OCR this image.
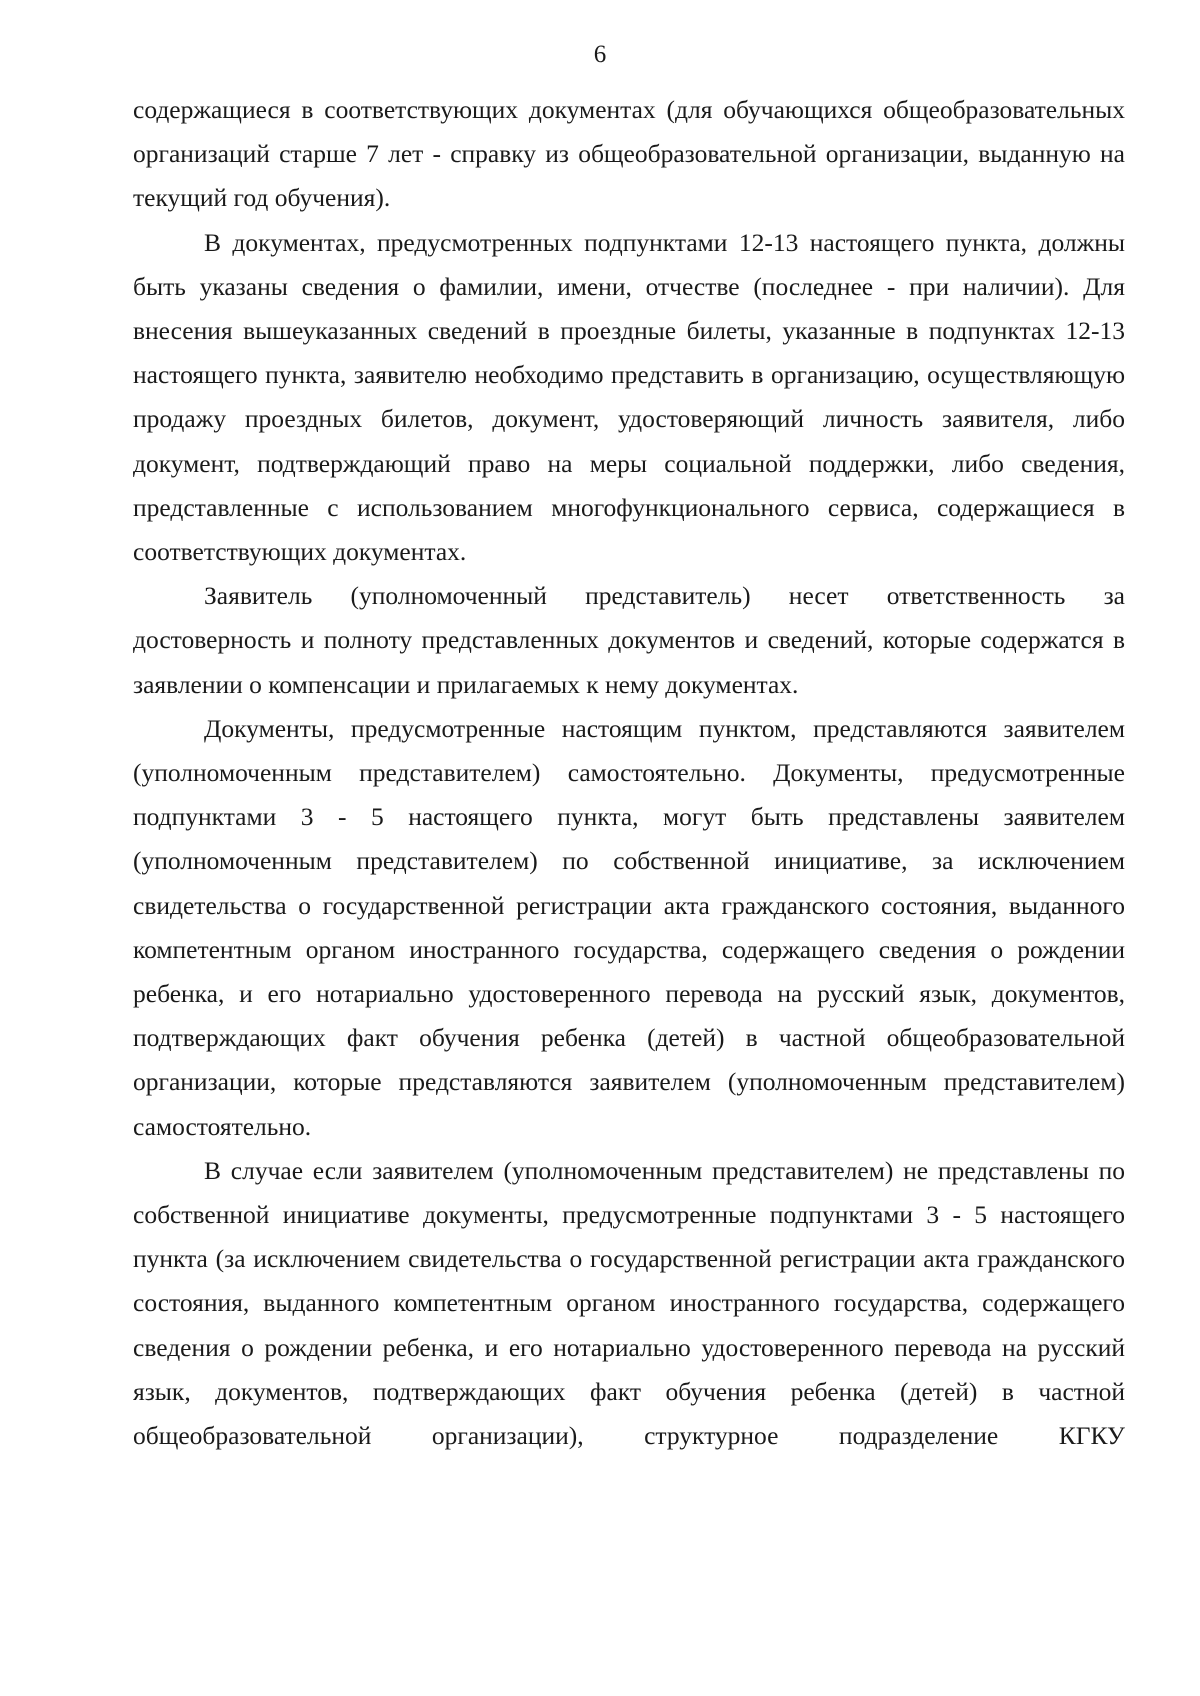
6

содержащиеся в соответствующих документах (для обучающихся общеобразовательных организаций старше 7 лет - справку из общеобразовательной организации, выданную на текущий год обучения).

В документах, предусмотренных подпунктами 12-13 настоящего пункта, должны быть указаны сведения о фамилии, имени, отчестве (последнее - при наличии). Для внесения вышеуказанных сведений в проездные билеты, указанные в подпунктах 12-13 настоящего пункта, заявителю необходимо представить в организацию, осуществляющую продажу проездных билетов, документ, удостоверяющий личность заявителя, либо документ, подтверждающий право на меры социальной поддержки, либо сведения, представленные с использованием многофункционального сервиса, содержащиеся в соответствующих документах.

Заявитель (уполномоченный представитель) несет ответственность за достоверность и полноту представленных документов и сведений, которые содержатся в заявлении о компенсации и прилагаемых к нему документах.

Документы, предусмотренные настоящим пунктом, представляются заявителем (уполномоченным представителем) самостоятельно. Документы, предусмотренные подпунктами 3 - 5 настоящего пункта, могут быть представлены заявителем (уполномоченным представителем) по собственной инициативе, за исключением свидетельства о государственной регистрации акта гражданского состояния, выданного компетентным органом иностранного государства, содержащего сведения о рождении ребенка, и его нотариально удостоверенного перевода на русский язык, документов, подтверждающих факт обучения ребенка (детей) в частной общеобразовательной организации, которые представляются заявителем (уполномоченным представителем) самостоятельно.

В случае если заявителем (уполномоченным представителем) не представлены по собственной инициативе документы, предусмотренные подпунктами 3 - 5 настоящего пункта (за исключением свидетельства о государственной регистрации акта гражданского состояния, выданного компетентным органом иностранного государства, содержащего сведения о рождении ребенка, и его нотариально удостоверенного перевода на русский язык, документов, подтверждающих факт обучения ребенка (детей) в частной общеобразовательной организации), структурное подразделение КГКУ
